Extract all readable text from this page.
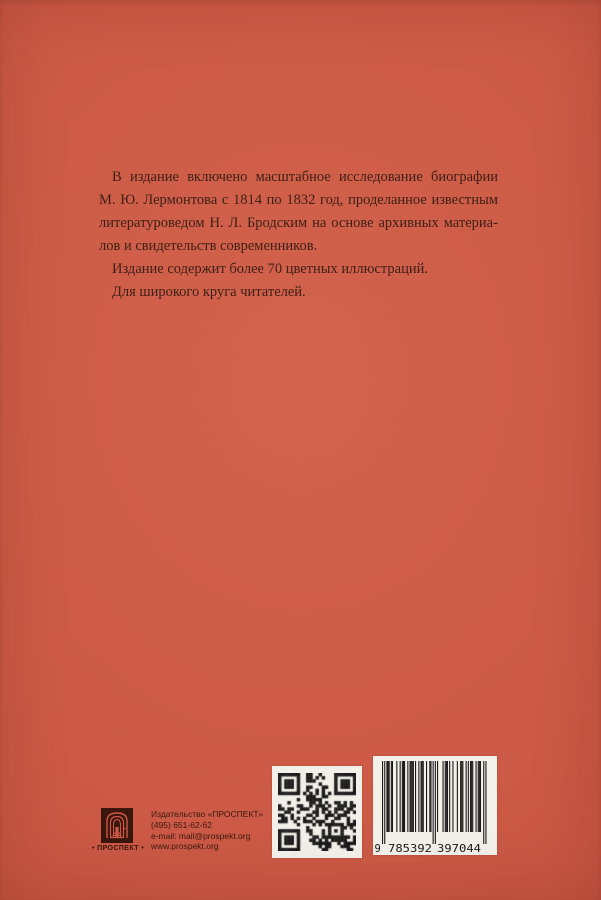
В издание включено масштабное исследование биографии
М. Ю. Лермонтова с 1814 по 1832 год, проделанное известным
литературоведом Н. Л. Бродским на основе архивных материа-
лов и свидетельств современников.
Издание содержит более 70 цветных иллюстраций.
Для широкого круга читателей.
• ПРОСПЕКТ •
Издательство «ПРОСПЕКТ»
(495) 651-62-62
e-mail: mail@prospekt.org
www.prospekt.org	9 785392 397044
